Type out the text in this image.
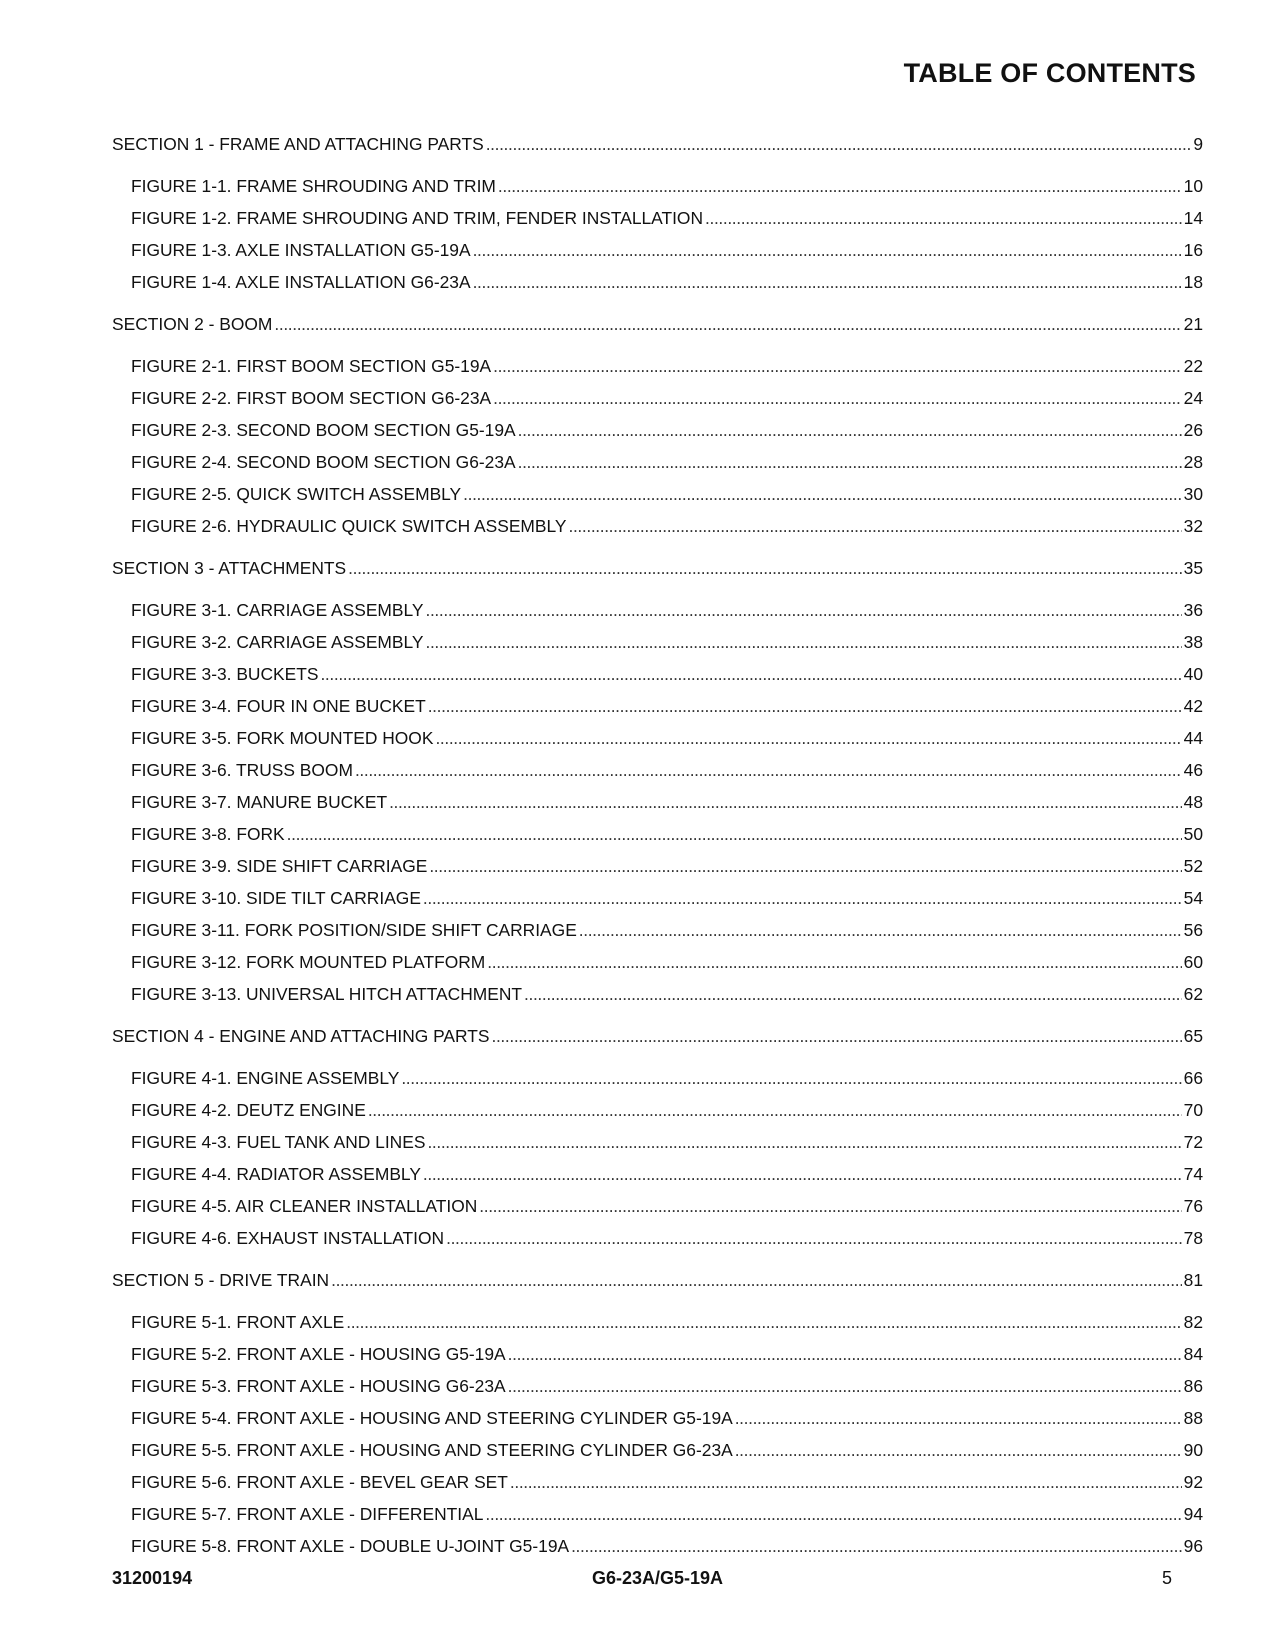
TABLE OF CONTENTS
SECTION 1 - FRAME AND ATTACHING PARTS . . .	9
FIGURE 1-1. FRAME SHROUDING AND TRIM . . .	10
FIGURE 1-2. FRAME SHROUDING AND TRIM, FENDER INSTALLATION . . .	14
FIGURE 1-3. AXLE INSTALLATION G5-19A . . .	16
FIGURE 1-4. AXLE INSTALLATION G6-23A . . .	18
SECTION 2 - BOOM . . .	21
FIGURE 2-1. FIRST BOOM SECTION G5-19A . . .	22
FIGURE 2-2. FIRST BOOM SECTION G6-23A . . .	24
FIGURE 2-3. SECOND BOOM SECTION G5-19A . . .	26
FIGURE 2-4. SECOND BOOM SECTION G6-23A . . .	28
FIGURE 2-5. QUICK SWITCH ASSEMBLY . . .	30
FIGURE 2-6. HYDRAULIC QUICK SWITCH ASSEMBLY . . .	32
SECTION 3 - ATTACHMENTS . . .	35
FIGURE 3-1. CARRIAGE ASSEMBLY . . .	36
FIGURE 3-2. CARRIAGE ASSEMBLY . . .	38
FIGURE 3-3. BUCKETS . . .	40
FIGURE 3-4. FOUR IN ONE BUCKET . . .	42
FIGURE 3-5. FORK MOUNTED HOOK . . .	44
FIGURE 3-6. TRUSS BOOM . . .	46
FIGURE 3-7. MANURE BUCKET . . .	48
FIGURE 3-8. FORK . . .	50
FIGURE 3-9. SIDE SHIFT CARRIAGE . . .	52
FIGURE 3-10. SIDE TILT CARRIAGE . . .	54
FIGURE 3-11. FORK POSITION/SIDE SHIFT CARRIAGE . . .	56
FIGURE 3-12. FORK MOUNTED PLATFORM . . .	60
FIGURE 3-13. UNIVERSAL HITCH ATTACHMENT . . .	62
SECTION 4 - ENGINE AND ATTACHING PARTS . . .	65
FIGURE 4-1. ENGINE ASSEMBLY . . .	66
FIGURE 4-2. DEUTZ ENGINE . . .	70
FIGURE 4-3. FUEL TANK AND LINES . . .	72
FIGURE 4-4. RADIATOR ASSEMBLY . . .	74
FIGURE 4-5. AIR CLEANER INSTALLATION . . .	76
FIGURE 4-6. EXHAUST INSTALLATION . . .	78
SECTION 5 - DRIVE TRAIN . . .	81
FIGURE 5-1. FRONT AXLE . . .	82
FIGURE 5-2. FRONT AXLE - HOUSING G5-19A . . .	84
FIGURE 5-3. FRONT AXLE - HOUSING G6-23A . . .	86
FIGURE 5-4. FRONT AXLE - HOUSING AND STEERING CYLINDER G5-19A . . .	88
FIGURE 5-5. FRONT AXLE - HOUSING AND STEERING CYLINDER G6-23A . . .	90
FIGURE 5-6. FRONT AXLE - BEVEL GEAR SET . . .	92
FIGURE 5-7. FRONT AXLE - DIFFERENTIAL . . .	94
FIGURE 5-8. FRONT AXLE - DOUBLE U-JOINT G5-19A . . .	96
31200194	G6-23A/G5-19A	5
